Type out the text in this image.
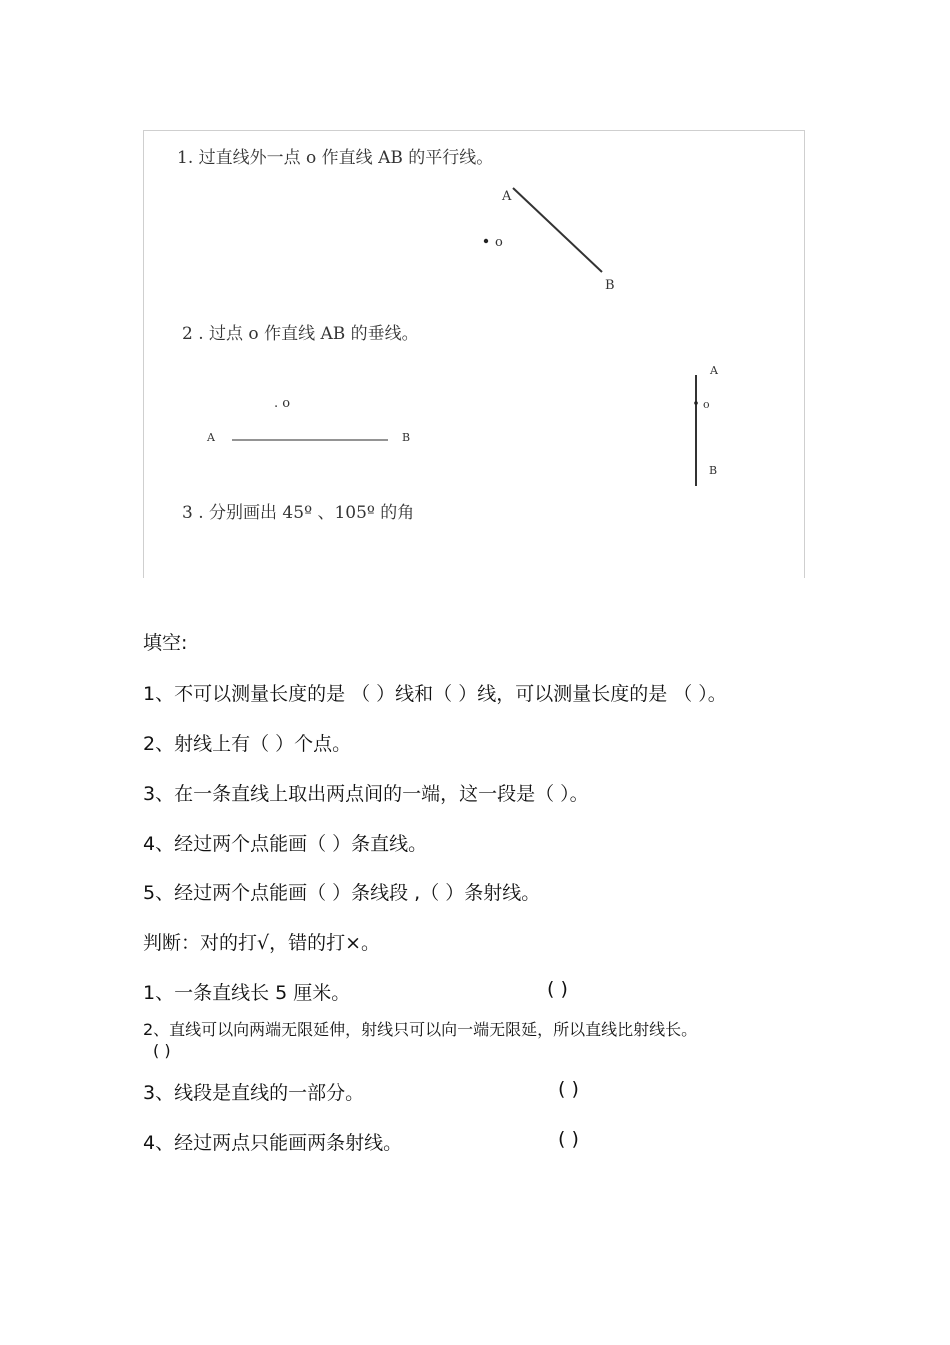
1. 过直线外一点 o 作直线 AB 的平行线。
A
o
B
2 . 过点 o 作直线 AB 的垂线。
. o
A	B
A
o
B
3 . 分别画出 45º 、105º 的角
填空:
1、不可以测量长度的是 （ ）线和（ ）线，可以测量长度的是 （ ）。
2、射线上有（ ）个点。
3、在一条直线上取出两点间的一端，这一段是（ ）。
4、经过两个点能画（ ）条直线。
5、经过两个点能画（ ）条线段 ,（ ）条射线。
判断：对的打√，错的打×。
1、一条直线长 5 厘米。	( )
2、直线可以向两端无限延伸，射线只可以向一端无限延，所以直线比射线长。
( )
3、线段是直线的一部分。	( )
4、经过两点只能画两条射线。	( )
